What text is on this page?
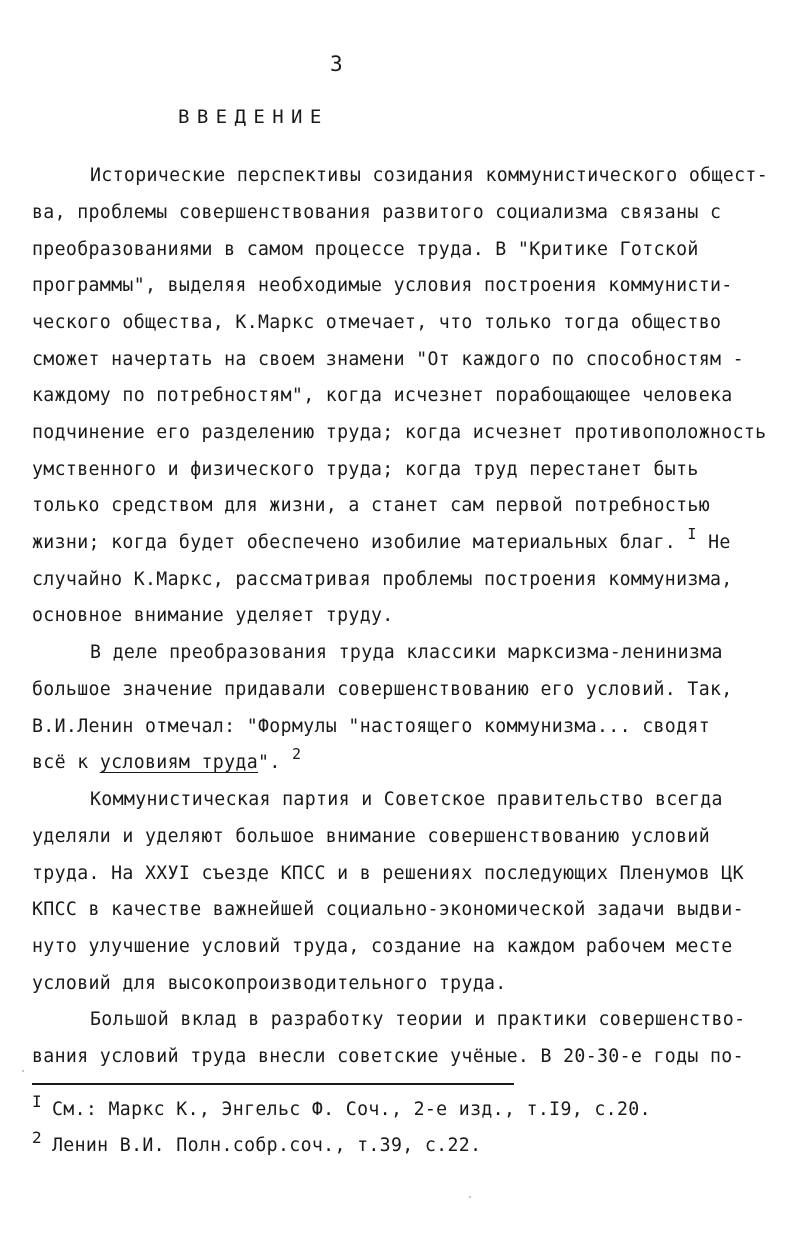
3
ВВЕДЕНИЕ
Исторические перспективы созидания коммунистического общест-
ва, проблемы совершенствования развитого социализма связаны с
преобразованиями в самом процессе труда. В "Критике Готской
программы", выделяя необходимые условия построения коммунисти-
ческого общества, К.Маркс отмечает, что только тогда общество
сможет начертать на своем знамени "От каждого по способностям -
каждому по потребностям", когда исчезнет порабощающее человека
подчинение его разделению труда; когда исчезнет противоположность
умственного и физического труда; когда труд перестанет быть
только средством для жизни, а станет сам первой потребностью
жизни; когда будет обеспечено изобилие материальных благ. $^I$ Не
случайно К.Маркс, рассматривая проблемы построения коммунизма,
основное внимание уделяет труду.
В деле преобразования труда классики марксизма-ленинизма
большое значение придавали совершенствованию его условий. Так,
В.И.Ленин отмечал: "Формулы "настоящего коммунизма... сводят
всё к условиям труда". $^2$
Коммунистическая партия и Советское правительство всегда
уделяли и уделяют большое внимание совершенствованию условий
труда. На ХХУI съезде КПСС и в решениях последующих Пленумов ЦК
КПСС в качестве важнейшей социально-экономической задачи выдви-
нуто улучшение условий труда, создание на каждом рабочем месте
условий для высокопроизводительного труда.
Большой вклад в разработку теории и практики совершенство-
вания условий труда внесли советские учёные. В 20-30-е годы по-
I См.: Маркс К., Энгельс Ф. Соч., 2-е изд., т.I9, с.20.
2 Ленин В.И. Полн.собр.соч., т.39, с.22.
